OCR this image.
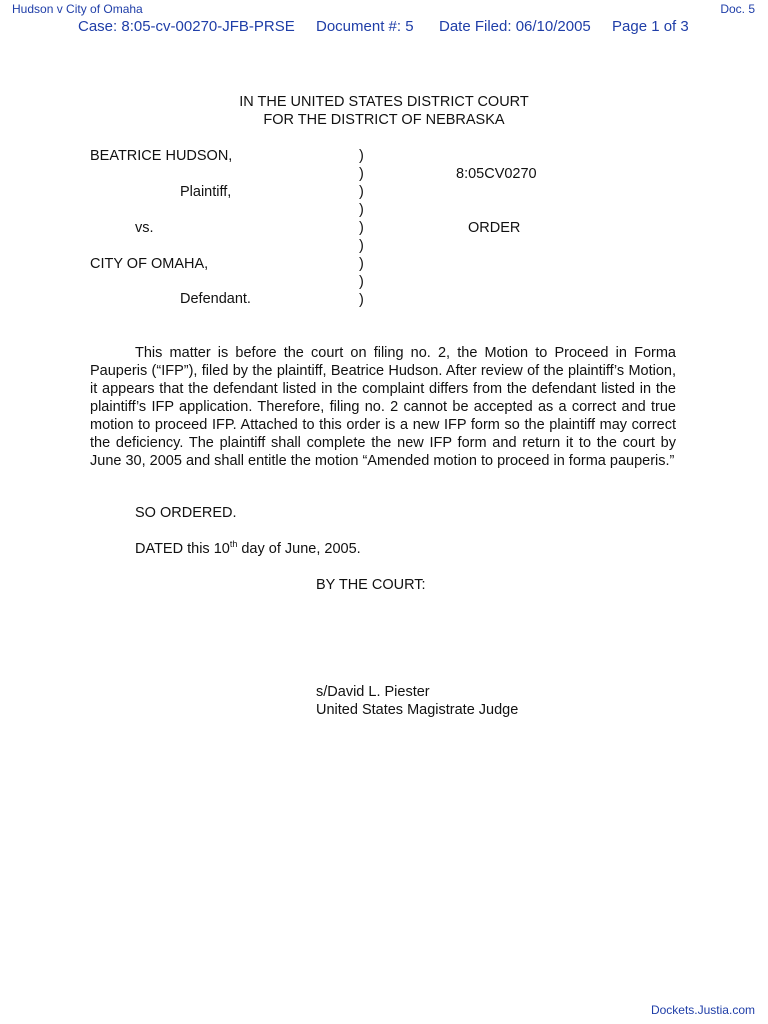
Hudson v City of Omaha	Doc. 5
Case: 8:05-cv-00270-JFB-PRSE Document #: 5 Date Filed: 06/10/2005 Page 1 of 3
IN THE UNITED STATES DISTRICT COURT
FOR THE DISTRICT OF NEBRASKA
BEATRICE HUDSON,
Plaintiff,
vs.
CITY OF OMAHA,
Defendant.
)
)
)
)
)
)
)
)
)
8:05CV0270
ORDER
This matter is before the court on filing no. 2, the Motion to Proceed in Forma Pauperis (“IFP”), filed by the plaintiff, Beatrice Hudson. After review of the plaintiff’s Motion, it appears that the defendant listed in the complaint differs from the defendant listed in the plaintiff’s IFP application. Therefore, filing no. 2 cannot be accepted as a correct and true motion to proceed IFP. Attached to this order is a new IFP form so the plaintiff may correct the deficiency. The plaintiff shall complete the new IFP form and return it to the court by June 30, 2005 and shall entitle the motion “Amended motion to proceed in forma pauperis.”
SO ORDERED.
DATED this 10th day of June, 2005.
BY THE COURT:
s/David L. Piester
United States Magistrate Judge
Dockets.Justia.com
